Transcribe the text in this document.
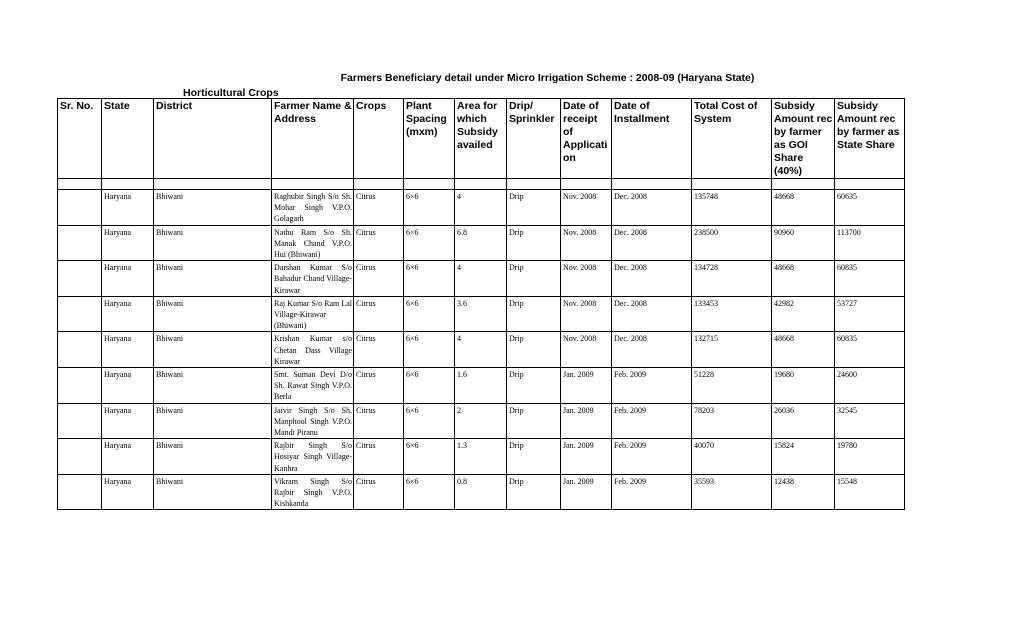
Farmers Beneficiary detail under Micro Irrigation Scheme : 2008-09 (Haryana State)
Horticultural Crops
Sr. No.	State	District	Farmer Name & Address	Crops	Plant Spacing (mxm)	Area for which Subsidy availed	Drip/ Sprinkler	Date of receipt of Applicati on	Date of Installment	Total Cost of System	Subsidy Amount rec by farmer as GOI Share (40%)	Subsidy Amount rec by farmer as State Share

	Haryana	Bhiwani	Raghubir Singh S/o Sh. Mohar Singh V.P.O. Golagarh	Citrus	6×6	4	Drip	Nov. 2008	Dec. 2008	135748	48668	60635
	Haryana	Bhiwani	Nathu Ram S/o Sh. Manak Chand V.P.O. Hui (Bhiwani)	Citrus	6×6	6.8	Drip	Nov. 2008	Dec. 2008	238500	90960	113700
	Haryana	Bhiwani	Darshan Kumar S/o Bahadur Chand Village-Kirawar	Citrus	6×6	4	Drip	Nov. 2008	Dec. 2008	134728	48668	60835
	Haryana	Bhiwani	Raj Kumar S/o Ram Lal Village-Kirawar (Bhiwani)	Citrus	6×6	3.6	Drip	Nov. 2008	Dec. 2008	133453	42982	53727
	Haryana	Bhiwani	Krishan Kumar s/o Chetan Dass Village Kirawar	Citrus	6×6	4	Drip	Nov. 2008	Dec. 2008	132715	48668	60835
	Haryana	Bhiwani	Smt. Suman Devi D/o Sh. Rawat Singh V.P.O. Berla	Citrus	6×6	1.6	Drip	Jan. 2009	Feb. 2009	51228	19680	24600
	Haryana	Bhiwani	Jaivir Singh S/o Sh. Manphool Singh V.P.O. Mandi Piranu	Citrus	6×6	2	Drip	Jan. 2009	Feb. 2009	78203	26036	32545
	Haryana	Bhiwani	Rajbir Singh S/o Hosiyar Singh Village-Kanhra	Citrus	6×6	1.3	Drip	Jan. 2009	Feb. 2009	40070	15824	19780
	Haryana	Bhiwani	Vikram Singh S/o Rajbir Singh V.P.O. Kishkanda	Citrus	6×6	0.8	Drip	Jan. 2009	Feb. 2009	35593	12438	15548
